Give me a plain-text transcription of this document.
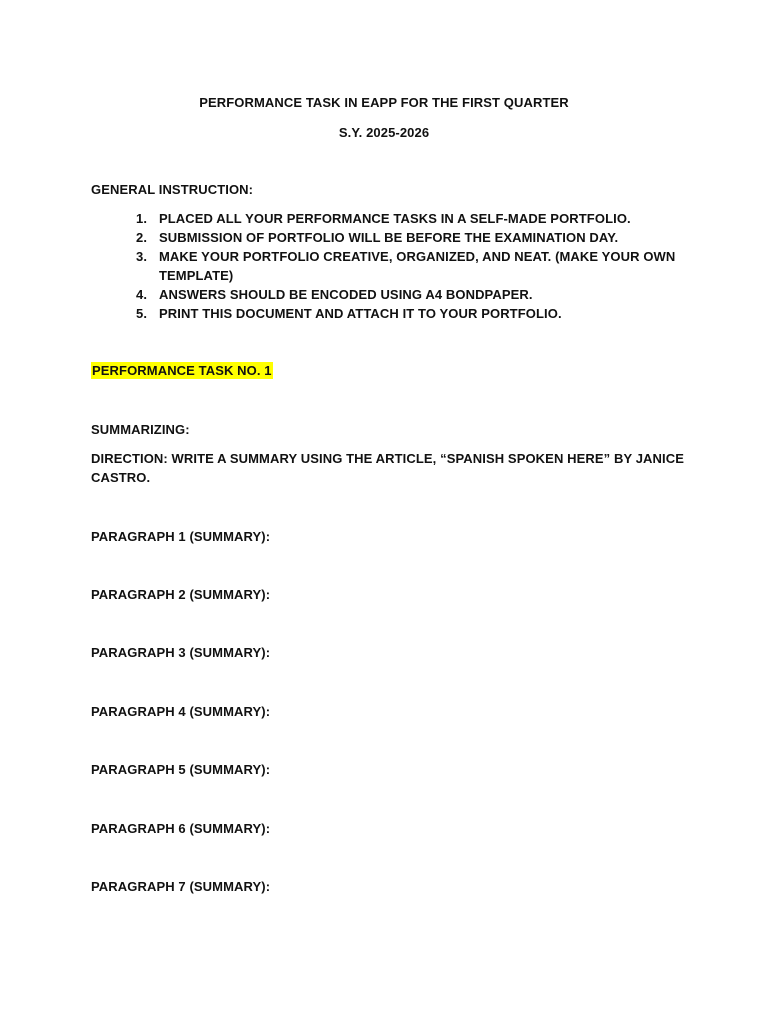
PERFORMANCE TASK IN EAPP FOR THE FIRST QUARTER
S.Y. 2025-2026
GENERAL INSTRUCTION:
1. PLACED ALL YOUR PERFORMANCE TASKS IN A SELF-MADE PORTFOLIO.
2. SUBMISSION OF PORTFOLIO WILL BE BEFORE THE EXAMINATION DAY.
3. MAKE YOUR PORTFOLIO CREATIVE, ORGANIZED, AND NEAT. (MAKE YOUR OWN TEMPLATE)
4. ANSWERS SHOULD BE ENCODED USING A4 BONDPAPER.
5. PRINT THIS DOCUMENT AND ATTACH IT TO YOUR PORTFOLIO.
PERFORMANCE TASK NO. 1
SUMMARIZING:
DIRECTION: WRITE A SUMMARY USING THE ARTICLE, “SPANISH SPOKEN HERE” BY JANICE
CASTRO.
PARAGRAPH 1 (SUMMARY):
PARAGRAPH 2 (SUMMARY):
PARAGRAPH 3 (SUMMARY):
PARAGRAPH 4 (SUMMARY):
PARAGRAPH 5 (SUMMARY):
PARAGRAPH 6 (SUMMARY):
PARAGRAPH 7 (SUMMARY):
